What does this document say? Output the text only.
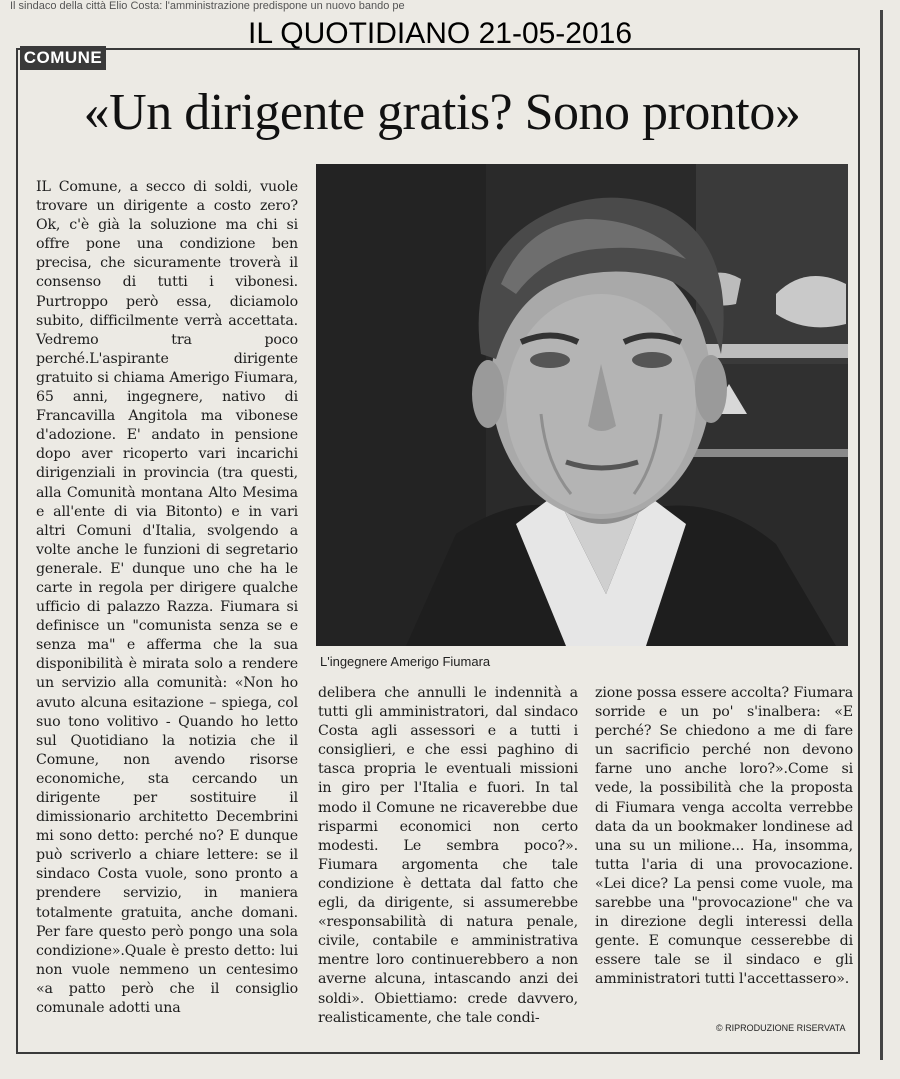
Il sindaco della città Elio Costa: l'amministrazione predispone un nuovo bando pe
IL QUOTIDIANO 21-05-2016
COMUNE
«Un dirigente gratis? Sono pronto»
L'ingegnere Amerigo Fiumara

IL Comune, a secco di soldi, vuole trovare un dirigente a costo zero? Ok, c'è già la soluzione ma chi si offre pone una condizione ben precisa, che sicuramente troverà il consenso di tutti i vibonesi. Purtroppo però essa, diciamolo subito, difficilmente verrà accettata. Vedremo tra poco perché.L'aspirante dirigente gratuito si chiama Amerigo Fiumara, 65 anni, ingegnere, nativo di Francavilla Angitola ma vibonese d'adozione. E' andato in pensione dopo aver ricoperto vari incarichi dirigenziali in provincia (tra questi, alla Comunità montana Alto Mesima e all'ente di via Bitonto) e in vari altri Comuni d'Italia, svolgendo a volte anche le funzioni di segretario generale. E' dunque uno che ha le carte in regola per dirigere qualche ufficio di palazzo Razza. Fiumara si definisce un "comunista senza se e senza ma" e afferma che la sua disponibilità è mirata solo a rendere un servizio alla comunità: «Non ho avuto alcuna esitazione – spiega, col suo tono volitivo - Quando ho letto sul Quotidiano la notizia che il Comune, non avendo risorse economiche, sta cercando un dirigente per sostituire il dimissionario architetto Decembrini mi sono detto: perché no? E dunque può scriverlo a chiare lettere: se il sindaco Costa vuole, sono pronto a prendere servizio, in maniera totalmente gratuita, anche domani. Per fare questo però pongo una sola condizione».Quale è presto detto: lui non vuole nemmeno un centesimo «a patto però che il consiglio comunale adotti una

delibera che annulli le indennità a tutti gli amministratori, dal sindaco Costa agli assessori e a tutti i consiglieri, e che essi paghino di tasca propria le eventuali missioni in giro per l'Italia e fuori. In tal modo il Comune ne ricaverebbe due risparmi economici non certo modesti. Le sembra poco?». Fiumara argomenta che tale condizione è dettata dal fatto che egli, da dirigente, si assumerebbe «responsabilità di natura penale, civile, contabile e amministrativa mentre loro continuerebbero a non averne alcuna, intascando anzi dei soldi». Obiettiamo: crede davvero, realisticamente, che tale condi-

zione possa essere accolta? Fiumara sorride e un po' s'inalbera: «E perché? Se chiedono a me di fare un sacrificio perché non devono farne uno anche loro?».Come si vede, la possibilità che la proposta di Fiumara venga accolta verrebbe data da un bookmaker londinese ad una su un milione... Ha, insomma, tutta l'aria di una provocazione. «Lei dice? La pensi come vuole, ma sarebbe una "provocazione" che va in direzione degli interessi della gente. E comunque cesserebbe di essere tale se il sindaco e gli amministratori tutti l'accettassero».

© RIPRODUZIONE RISERVATA
